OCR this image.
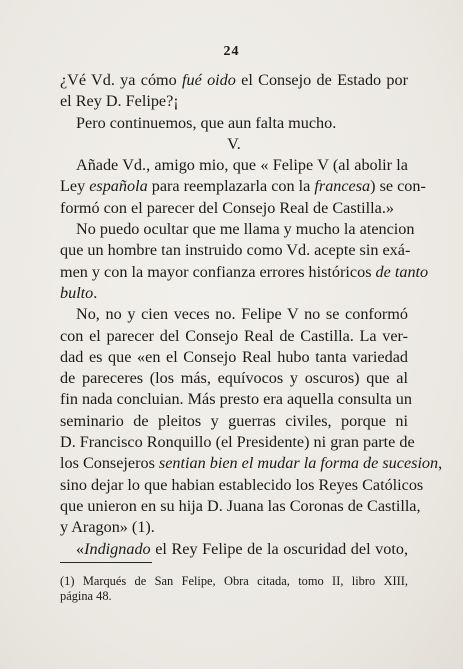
24
¿Vé Vd. ya cómo fué oido el Consejo de Estado por
el Rey D. Felipe?¡
Pero continuemos, que aun falta mucho.
V.
Añade Vd., amigo mio, que « Felipe V (al abolir la
Ley española para reemplazarla con la francesa) se con-
formó con el parecer del Consejo Real de Castilla.»
No puedo ocultar que me llama y mucho la atencion
que un hombre tan instruido como Vd. acepte sin exá-
men y con la mayor confianza errores históricos de tanto
bulto.
No, no y cien veces no. Felipe V no se conformó
con el parecer del Consejo Real de Castilla. La ver-
dad es que «en el Consejo Real hubo tanta variedad
de pareceres (los más, equívocos y oscuros) que al
fin nada concluian. Más presto era aquella consulta un
seminario de pleitos y guerras civiles, porque ni
D. Francisco Ronquillo (el Presidente) ni gran parte de
los Consejeros sentian bien el mudar la forma de sucesion,
sino dejar lo que habian establecido los Reyes Católicos
que unieron en su hija D. Juana las Coronas de Castilla,
y Aragon» (1).
«Indignado el Rey Felipe de la oscuridad del voto,
(1) Marqués de San Felipe, Obra citada, tomo II, libro XIII,
página 48.
